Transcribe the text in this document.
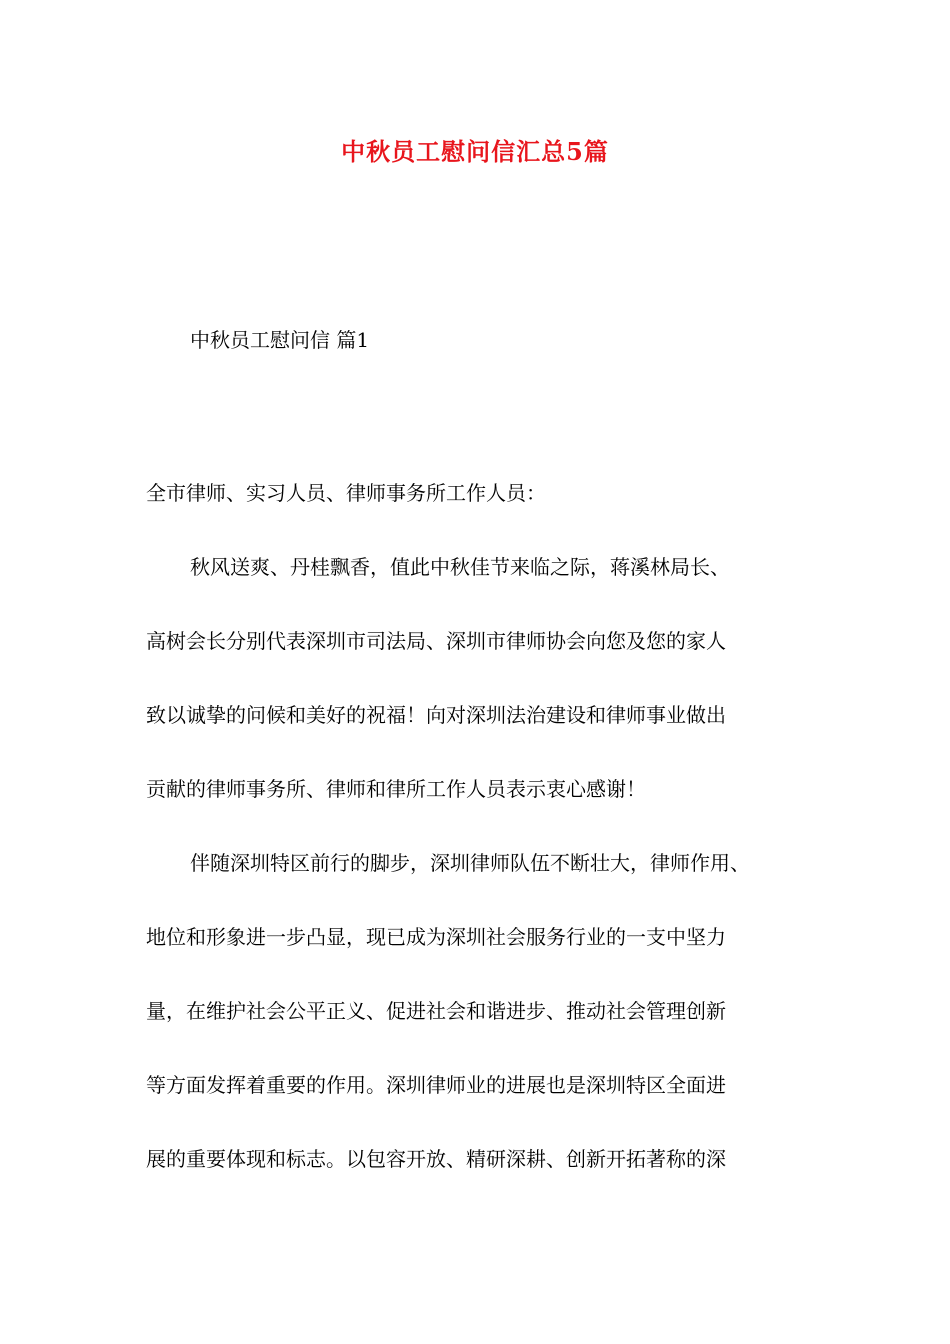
中秋员工慰问信汇总5篇

中秋员工慰问信 篇1

全市律师、实习人员、律师事务所工作人员：

秋风送爽、丹桂飘香，值此中秋佳节来临之际，蒋溪林局长、
高树会长分别代表深圳市司法局、深圳市律师协会向您及您的家人
致以诚挚的问候和美好的祝福！向对深圳法治建设和律师事业做出
贡献的律师事务所、律师和律所工作人员表示衷心感谢！
伴随深圳特区前行的脚步，深圳律师队伍不断壮大，律师作用、
地位和形象进一步凸显，现已成为深圳社会服务行业的一支中坚力
量，在维护社会公平正义、促进社会和谐进步、推动社会管理创新
等方面发挥着重要的作用。深圳律师业的进展也是深圳特区全面进
展的重要体现和标志。以包容开放、精研深耕、创新开拓著称的深
